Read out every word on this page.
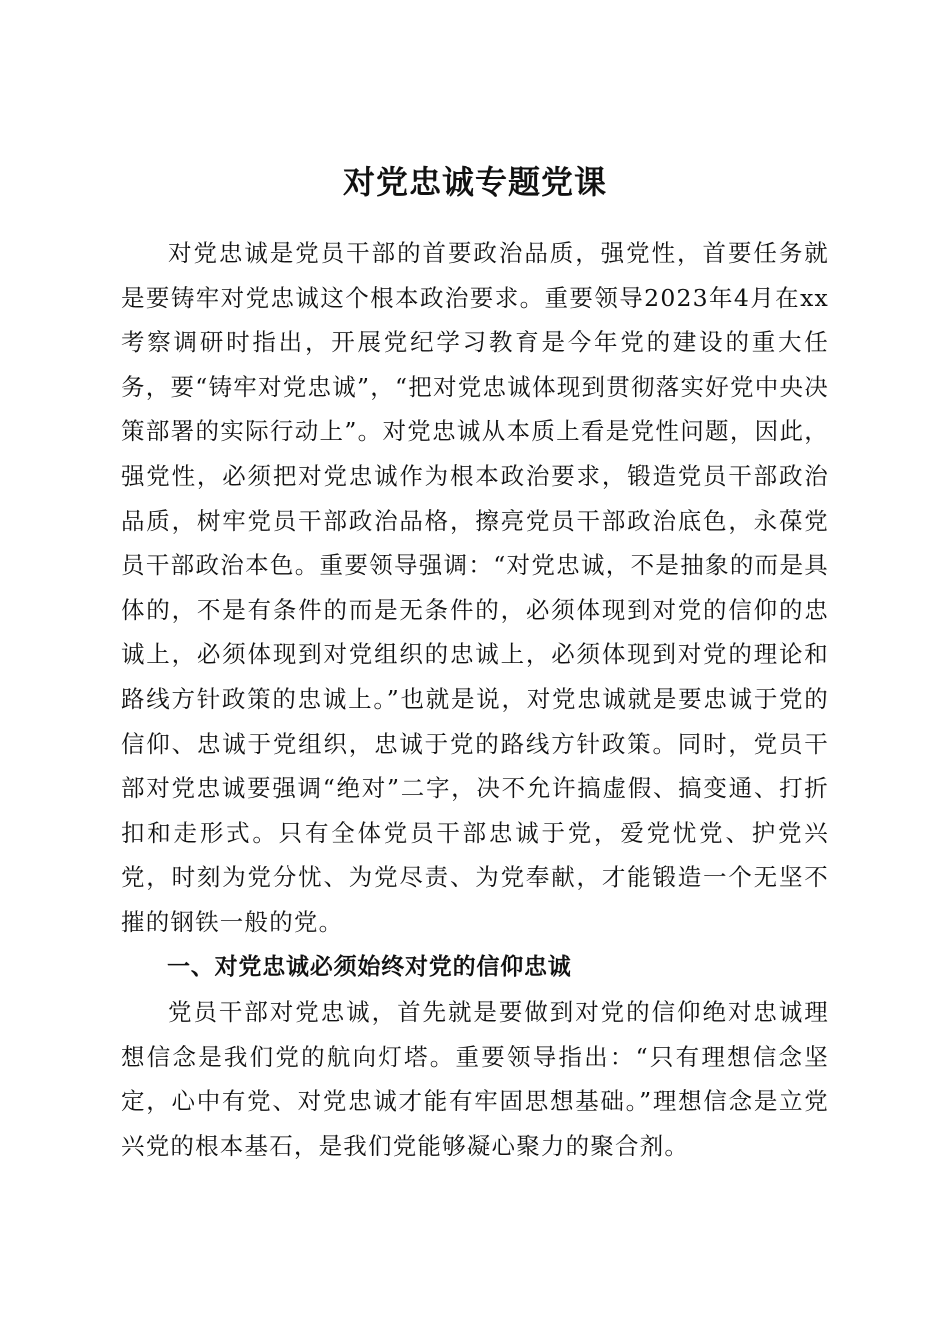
对党忠诚专题党课

对党忠诚是党员干部的首要政治品质，强党性，首要任务就是要铸牢对党忠诚这个根本政治要求。重要领导2023年4月在xx考察调研时指出，开展党纪学习教育是今年党的建设的重大任务，要“铸牢对党忠诚”，“把对党忠诚体现到贯彻落实好党中央决策部署的实际行动上”。对党忠诚从本质上看是党性问题，因此，强党性，必须把对党忠诚作为根本政治要求，锻造党员干部政治品质，树牢党员干部政治品格，擦亮党员干部政治底色，永葆党员干部政治本色。重要领导强调：“对党忠诚，不是抽象的而是具体的，不是有条件的而是无条件的，必须体现到对党的信仰的忠诚上，必须体现到对党组织的忠诚上，必须体现到对党的理论和路线方针政策的忠诚上。”也就是说，对党忠诚就是要忠诚于党的信仰、忠诚于党组织，忠诚于党的路线方针政策。同时，党员干部对党忠诚要强调“绝对”二字，决不允许搞虚假、搞变通、打折扣和走形式。只有全体党员干部忠诚于党，爱党忧党、护党兴党，时刻为党分忧、为党尽责、为党奉献，才能锻造一个无坚不摧的钢铁一般的党。

一、对党忠诚必须始终对党的信仰忠诚

党员干部对党忠诚，首先就是要做到对党的信仰绝对忠诚理想信念是我们党的航向灯塔。重要领导指出：“只有理想信念坚定，心中有党、对党忠诚才能有牢固思想基础。”理想信念是立党兴党的根本基石，是我们党能够凝心聚力的聚合剂。
